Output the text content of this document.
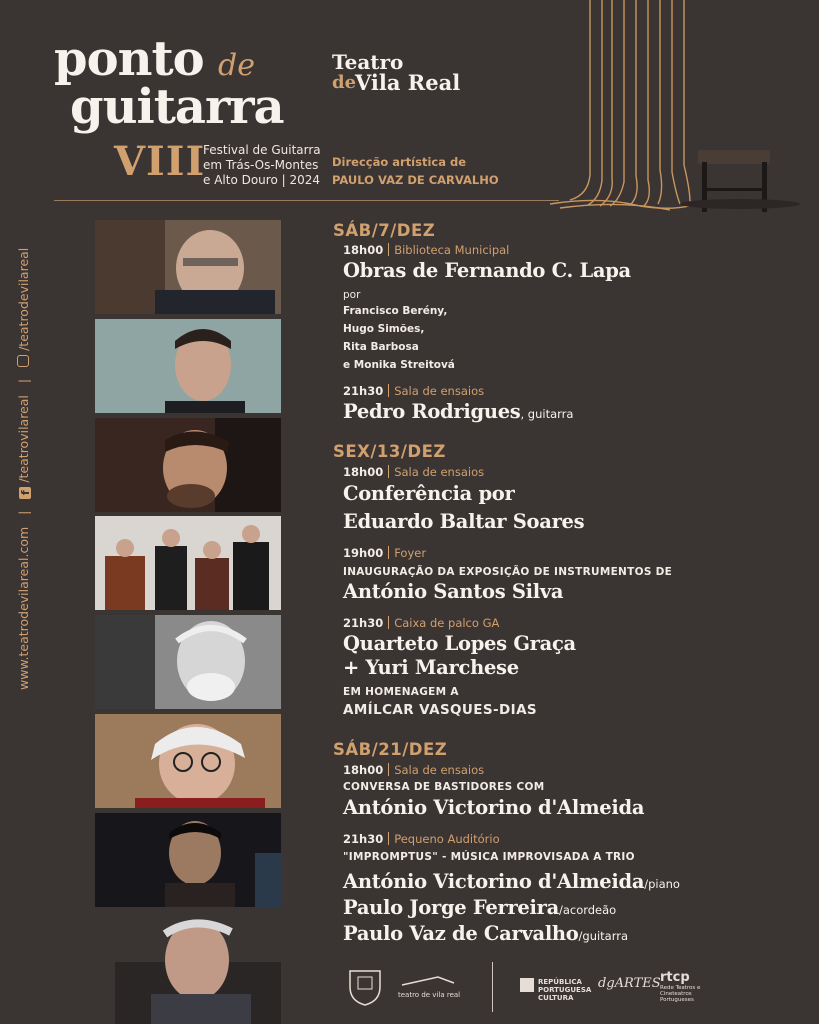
ponto de
guitarra
VIII
Festival de Guitarra
em Trás-Os-Montes
e Alto Douro | 2024
Teatro
de
Vila Real
Direcção artística de
PAULO VAZ DE CARVALHO
www.teatrodevilareal.com | f /teatrovilareal |  /teatrodevilareal
SÁB/7/DEZ
18h00 Biblioteca Municipal
Obras de Fernando C. Lapa
por
Francisco Berény,
Hugo Simões,
Rita Barbosa
e Monika Streitová
21h30 Sala de ensaios
Pedro Rodrigues, guitarra
SEX/13/DEZ
18h00 Sala de ensaios
Conferência por
Eduardo Baltar Soares
19h00 Foyer
INAUGURAÇÃO DA EXPOSIÇÃO DE INSTRUMENTOS DE
António Santos Silva
21h30 Caixa de palco GA
Quarteto Lopes Graça
+ Yuri Marchese
EM HOMENAGEM A
AMÍLCAR VASQUES-DIAS
SÁB/21/DEZ
18h00 Sala de ensaios
CONVERSA DE BASTIDORES COM
António Victorino d'Almeida
21h30 Pequeno Auditório
"IMPROMPTUS" - MÚSICA IMPROVISADA A TRIO
António Victorino d'Almeida/piano
Paulo Jorge Ferreira/acordeão
Paulo Vaz de Carvalho/guitarra
teatro de vila real
REPÚBLICA
PORTUGUESA
CULTURA
dgARTES rtcp
Rede Teatros e Cineteatros Portugueses
